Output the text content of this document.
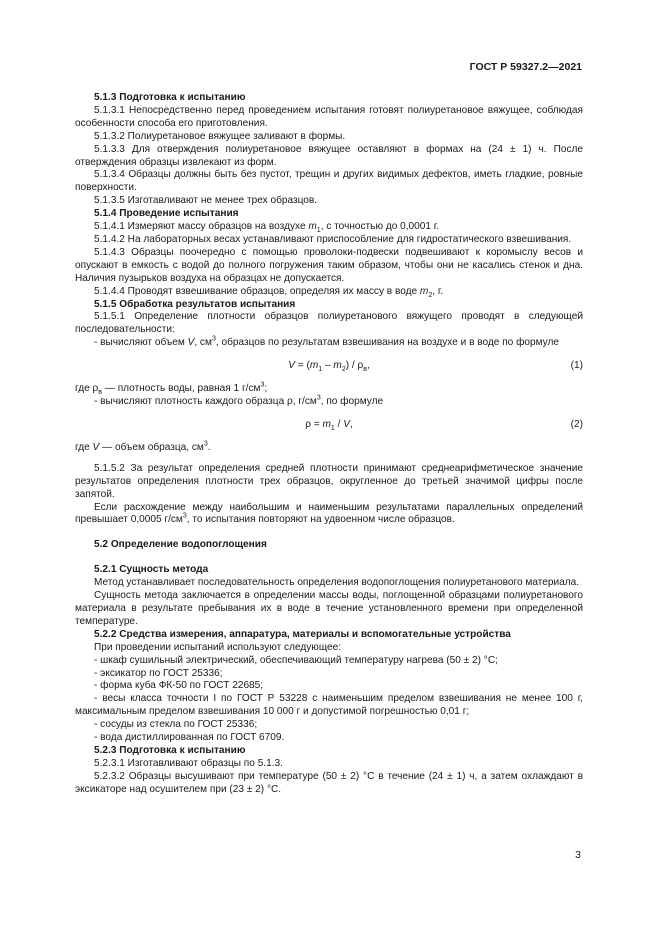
ГОСТ Р 59327.2—2021

5.1.3 Подготовка к испытанию

5.1.3.1 Непосредственно перед проведением испытания готовят полиуретановое вяжущее, соблюдая особенности способа его приготовления.

5.1.3.2 Полиуретановое вяжущее заливают в формы.

5.1.3.3 Для отверждения полиуретановое вяжущее оставляют в формах на (24 ± 1) ч. После отверждения образцы извлекают из форм.

5.1.3.4 Образцы должны быть без пустот, трещин и других видимых дефектов, иметь гладкие, ровные поверхности.

5.1.3.5 Изготавливают не менее трех образцов.

5.1.4 Проведение испытания

5.1.4.1 Измеряют массу образцов на воздухе $m_1$, с точностью до 0,0001 г.

5.1.4.2 На лабораторных весах устанавливают приспособление для гидростатического взвешивания.

5.1.4.3 Образцы поочередно с помощью проволоки-подвески подвешивают к коромыслу весов и опускают в емкость с водой до полного погружения таким образом, чтобы они не касались стенок и дна. Наличия пузырьков воздуха на образцах не допускается.

5.1.4.4 Проводят взвешивание образцов, определяя их массу в воде $m_2$, г.

5.1.5 Обработка результатов испытания

5.1.5.1 Определение плотности образцов полиуретанового вяжущего проводят в следующей последовательности:

- вычисляют объем V, $см^3$, образцов по результатам взвешивания на воздухе и в воде по формуле

$V = (m_1 - m_2) / \rho_в$,	(1)

где $\rho_в$ — плотность воды, равная 1 $г/см^3$;

- вычисляют плотность каждого образца ρ, $г/см^3$, по формуле

$\rho = m_1 / V$,	(2)

где V — объем образца, $см^3$.

5.1.5.2 За результат определения средней плотности принимают среднеарифметическое значение результатов определения плотности трех образцов, округленное до третьей значимой цифры после запятой.

Если расхождение между наибольшим и наименьшим результатами параллельных определений превышает 0,0005 $г/см^3$, то испытания повторяют на удвоенном числе образцов.

5.2 Определение водопоглощения

5.2.1 Сущность метода

Метод устанавливает последовательность определения водопоглощения полиуретанового материала.

Сущность метода заключается в определении массы воды, поглощенной образцами полиуретанового материала в результате пребывания их в воде в течение установленного времени при определенной температуре.

5.2.2 Средства измерения, аппаратура, материалы и вспомогательные устройства

При проведении испытаний используют следующее:

- шкаф сушильный электрический, обеспечивающий температуру нагрева (50 ± 2) °С;

- эксикатор по ГОСТ 25336;

- форма куба ФК-50 по ГОСТ 22685;

- весы класса точности I по ГОСТ Р 53228 с наименьшим пределом взвешивания не менее 100 г, максимальным пределом взвешивания 10 000 г и допустимой погрешностью 0,01 г;

- сосуды из стекла по ГОСТ 25336;

- вода дистиллированная по ГОСТ 6709.

5.2.3 Подготовка к испытанию

5.2.3.1 Изготавливают образцы по 5.1.3.

5.2.3.2 Образцы высушивают при температуре (50 ± 2) °С в течение (24 ± 1) ч, а затем охлаждают в эксикаторе над осушителем при (23 ± 2) °С.

3
